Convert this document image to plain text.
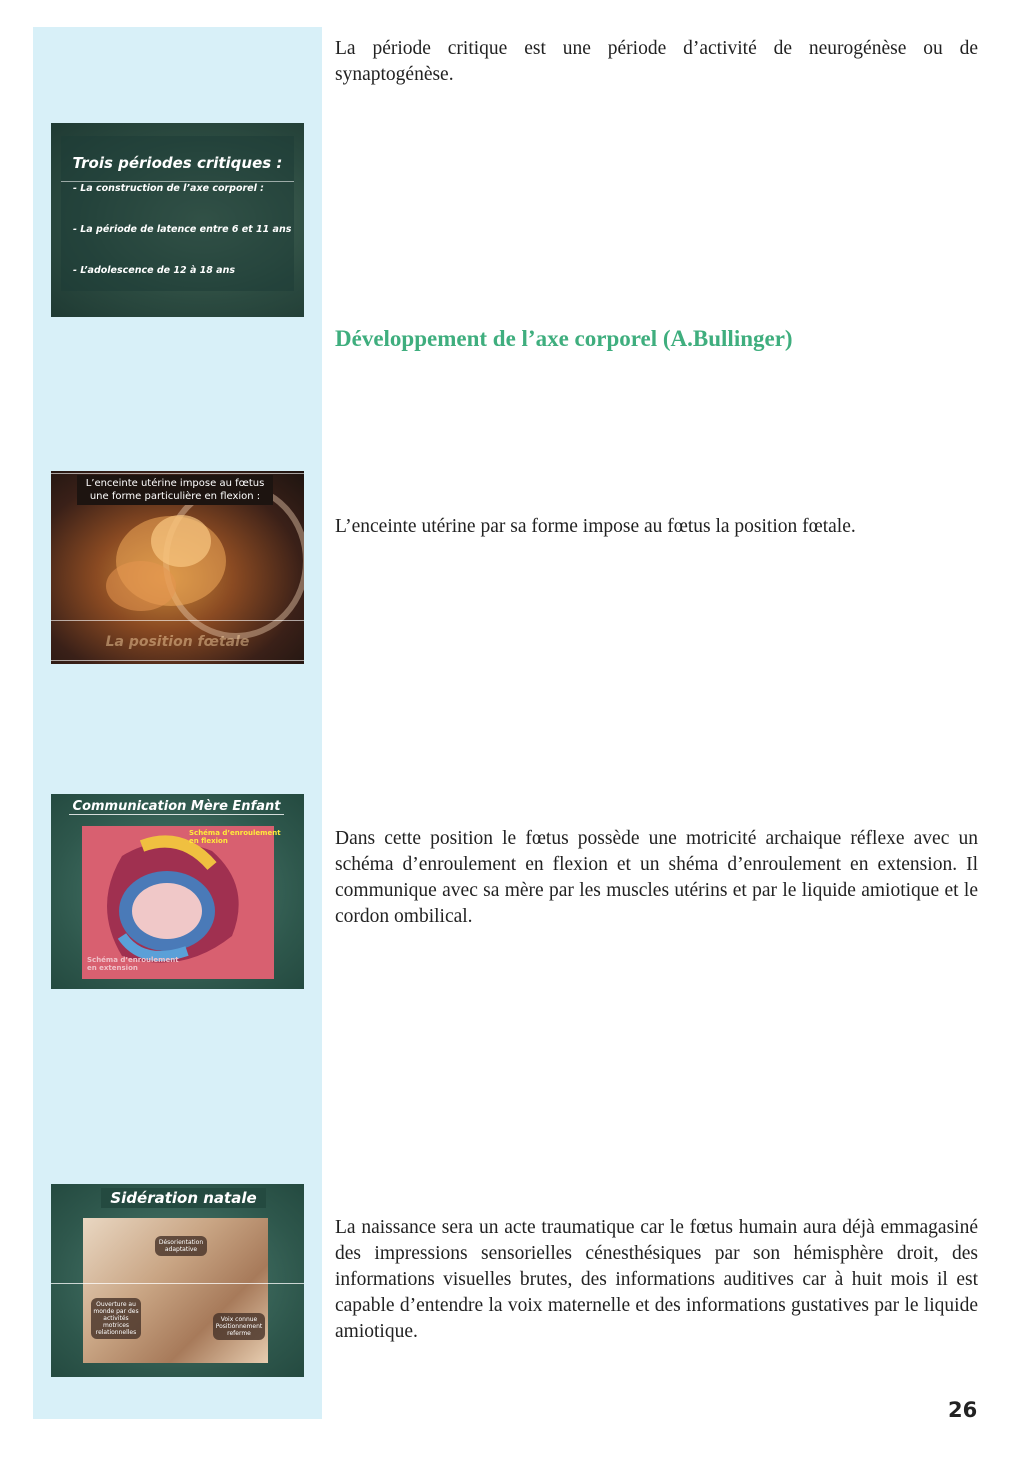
La période critique est une période d’activité de neurogénèse ou de synaptogénèse.

Trois périodes critiques :
- La construction de l’axe corporel :
- La période de latence entre 6 et 11 ans
- L’adolescence de 12 à 18 ans
Développement de l’axe corporel (A.Bullinger)
L’enceinte utérine impose au fœtus
une forme particulière en flexion :
La position fœtale

L’enceinte utérine par sa forme impose au fœtus la position fœtale.

Communication Mère Enfant
Schéma d’enroulement
en flexion
Schéma d’enroulement
en extension

Dans cette position le fœtus possède une motricité archaique réflexe avec un schéma d’enroulement en flexion et un shéma d’enroulement en extension. Il communique avec sa mère par les muscles utérins et par le liquide amiotique et le cordon ombilical.

Sidération natale
Désorientation adaptative
Ouverture au monde par des activités motrices relationnelles
Voix connue Positionnement referme

La naissance sera un acte traumatique car le fœtus humain aura déjà emmagasiné des impressions sensorielles cénesthésiques par son hémisphère droit, des informations visuelles brutes, des informations auditives car à huit mois il est capable d’entendre la voix maternelle et des informations gustatives par le liquide amiotique.

26
